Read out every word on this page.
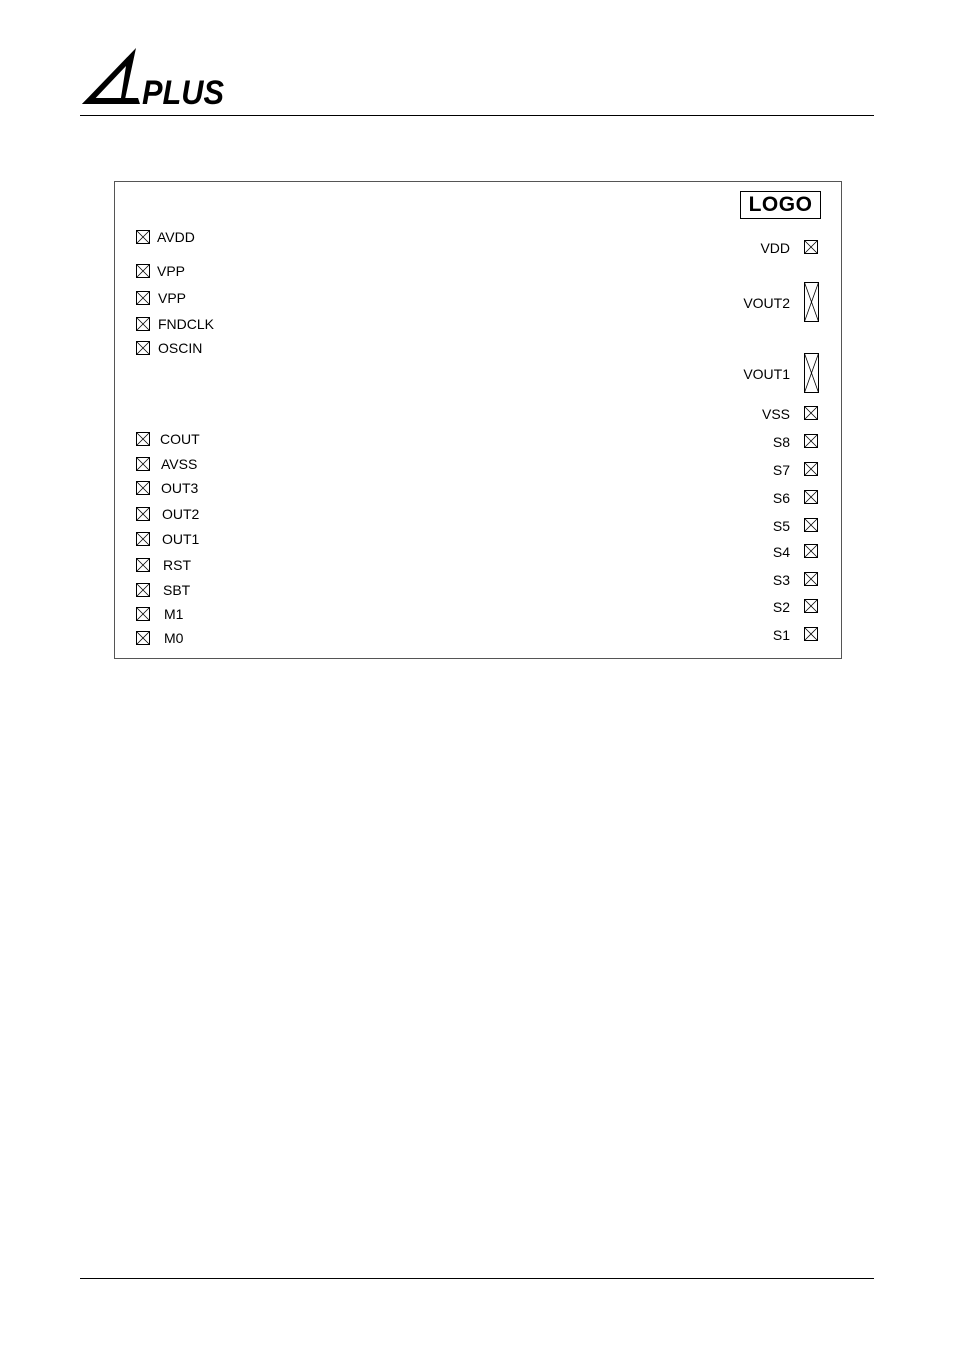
PLUS
LOGO
AVDD
VPP
VPP
FNDCLK
OSCIN
COUT
AVSS
OUT3
OUT2
OUT1
RST
SBT
M1
M0
VDD
VOUT2
VOUT1
VSS
S8
S7
S6
S5
S4
S3
S2
S1
